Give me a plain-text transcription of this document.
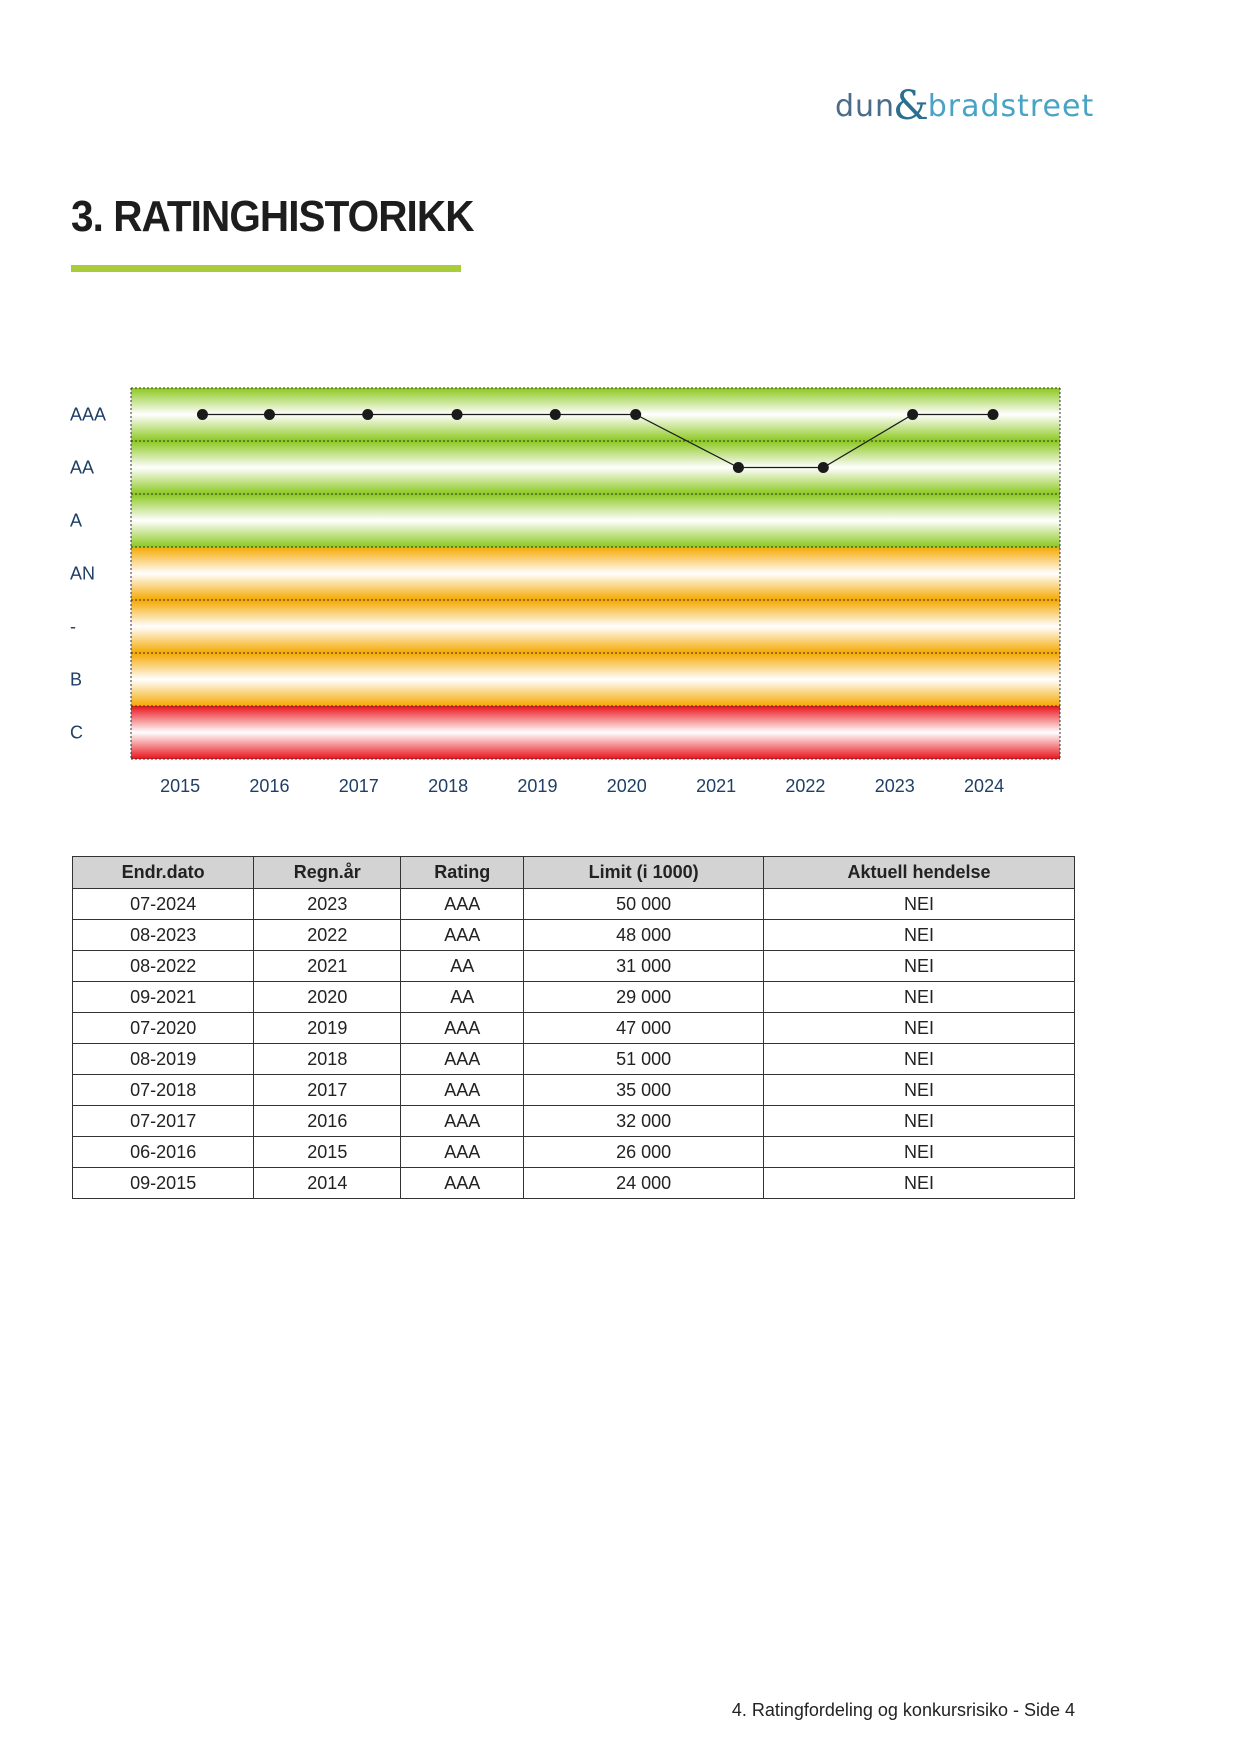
dun&bradstreet
3. RATINGHISTORIKK
AAA
AA
A
AN
-
B
C
2015	2016	2017	2018	2019	2020	2021	2022	2023	2024
Endr.dato	Regn.år	Rating	Limit (i 1000)	Aktuell hendelse
07-2024	2023	AAA	50 000	NEI
08-2023	2022	AAA	48 000	NEI
08-2022	2021	AA	31 000	NEI
09-2021	2020	AA	29 000	NEI
07-2020	2019	AAA	47 000	NEI
08-2019	2018	AAA	51 000	NEI
07-2018	2017	AAA	35 000	NEI
07-2017	2016	AAA	32 000	NEI
06-2016	2015	AAA	26 000	NEI
09-2015	2014	AAA	24 000	NEI
4. Ratingfordeling og konkursrisiko - Side 4
